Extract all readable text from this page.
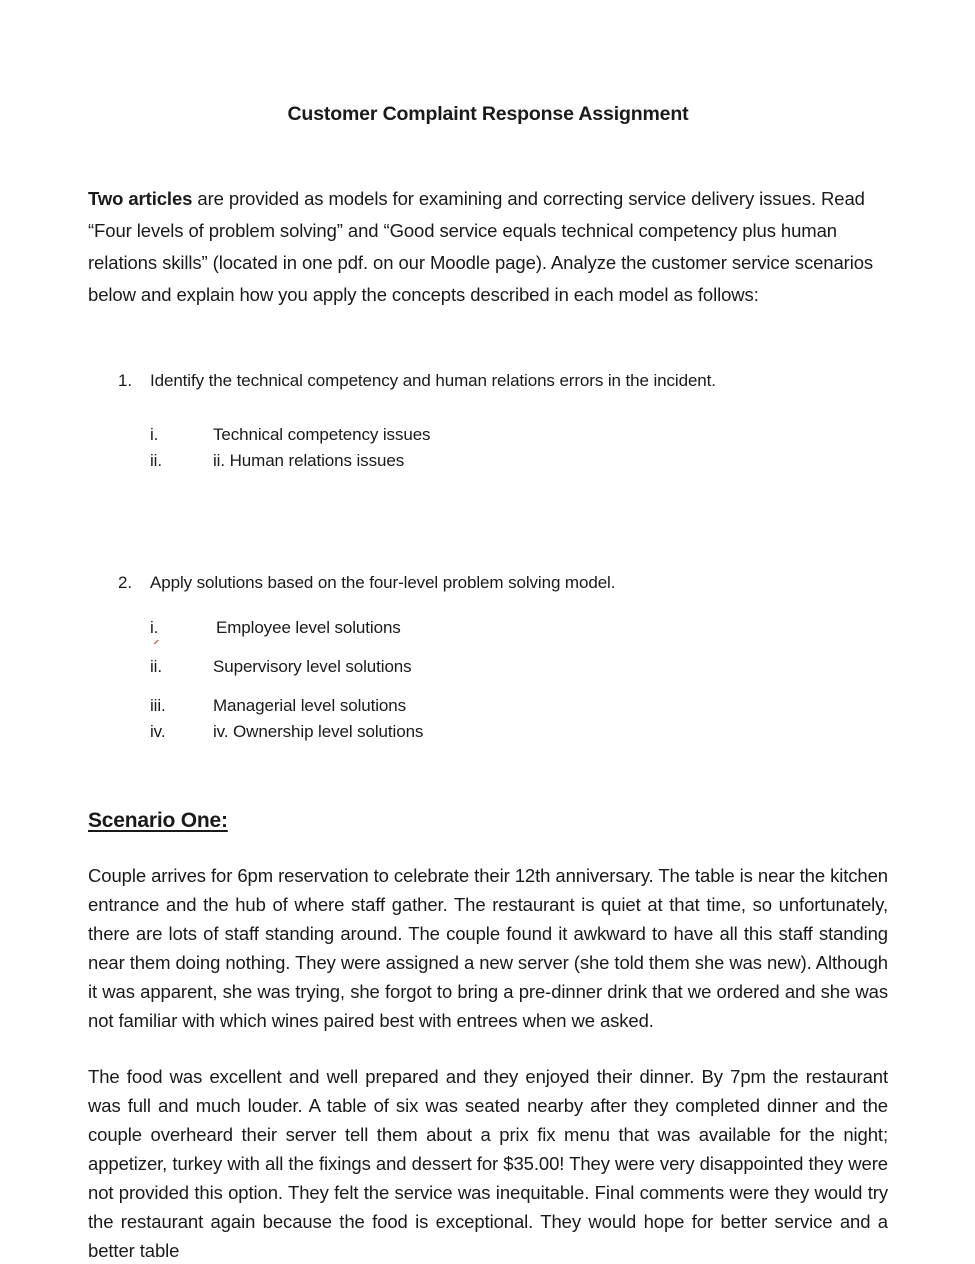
Customer Complaint Response Assignment

Two articles are provided as models for examining and correcting service delivery issues. Read “Four levels of problem solving” and “Good service equals technical competency plus human relations skills” (located in one pdf. on our Moodle page). Analyze the customer service scenarios below and explain how you apply the concepts described in each model as follows:

1. Identify the technical competency and human relations errors in the incident.
i.	Technical competency issues
ii.	ii. Human relations issues
2. Apply solutions based on the four-level problem solving model.
i.	Employee level solutions
ii.	Supervisory level solutions
iii.	Managerial level solutions
iv.	iv. Ownership level solutions
Scenario One:

Couple arrives for 6pm reservation to celebrate their 12th anniversary. The table is near the kitchen entrance and the hub of where staff gather. The restaurant is quiet at that time, so unfortunately, there are lots of staff standing around. The couple found it awkward to have all this staff standing near them doing nothing. They were assigned a new server (she told them she was new). Although it was apparent, she was trying, she forgot to bring a pre-dinner drink that we ordered and she was not familiar with which wines paired best with entrees when we asked.

The food was excellent and well prepared and they enjoyed their dinner. By 7pm the restaurant was full and much louder. A table of six was seated nearby after they completed dinner and the couple overheard their server tell them about a prix fix menu that was available for the night; appetizer, turkey with all the fixings and dessert for $35.00! They were very disappointed they were not provided this option. They felt the service was inequitable. Final comments were they would try the restaurant again because the food is exceptional. They would hope for better service and a better table
